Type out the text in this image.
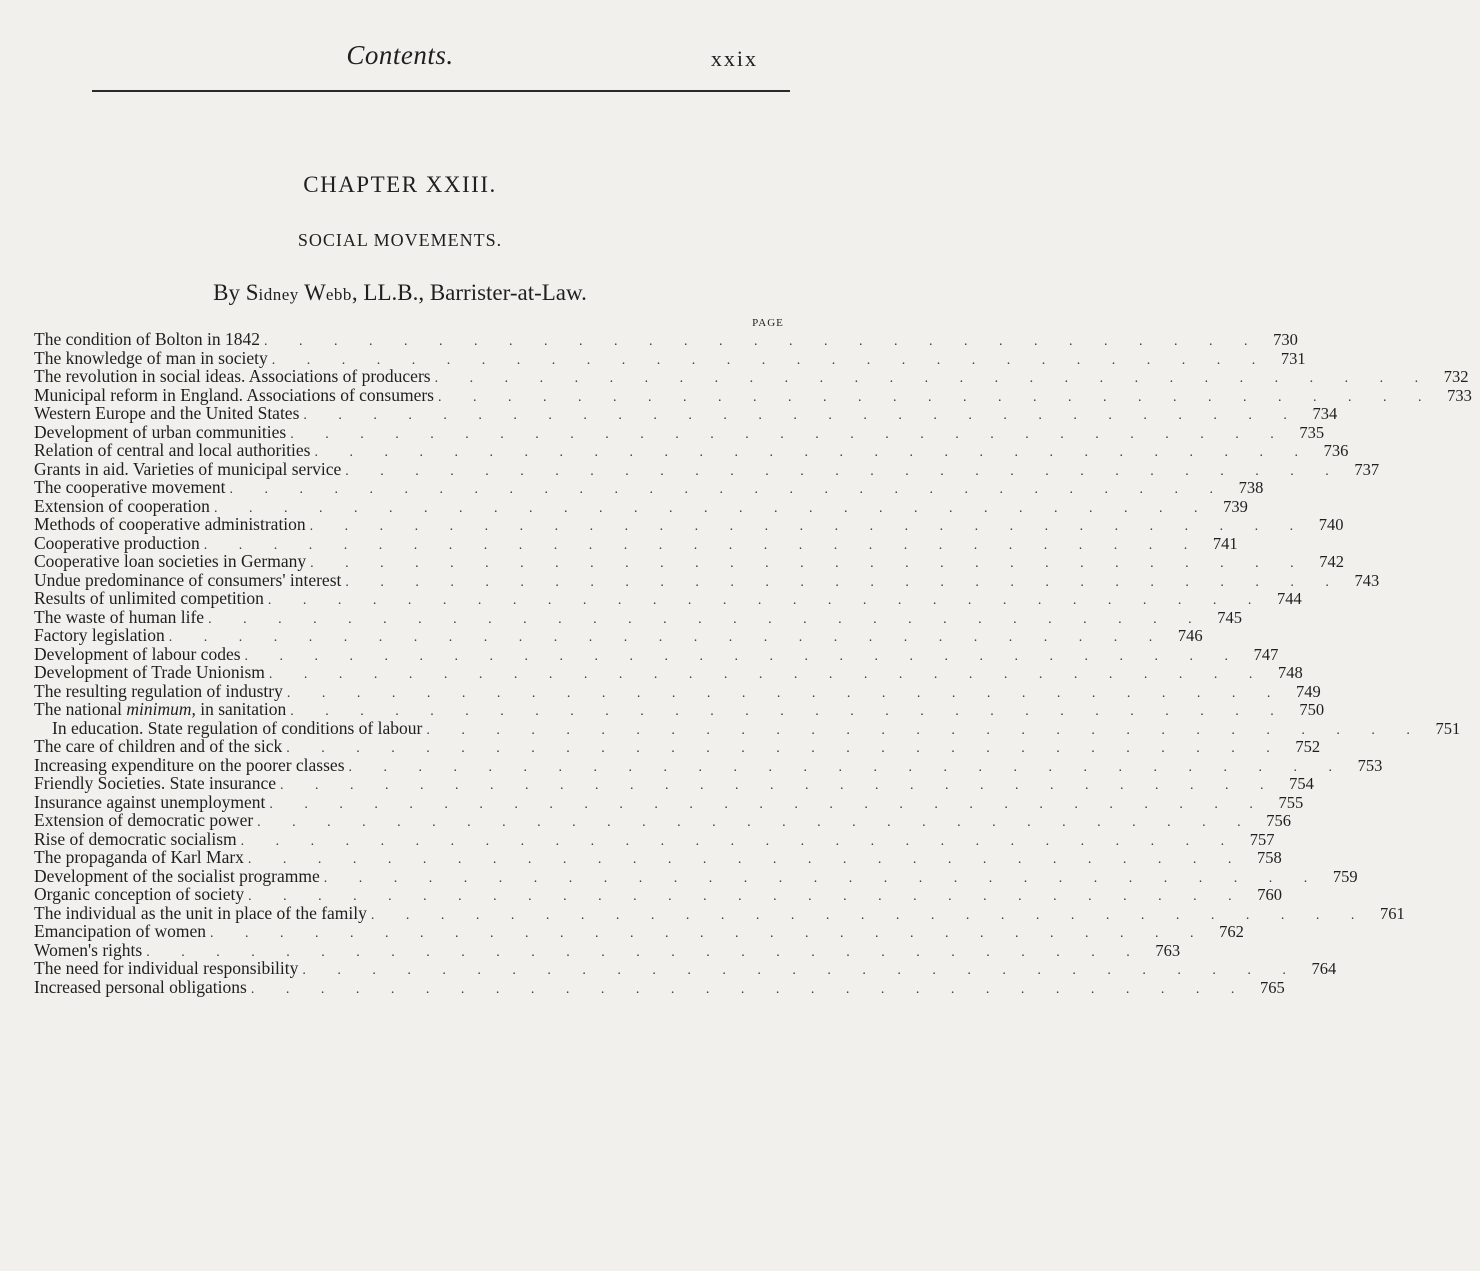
Contents.	xxix
CHAPTER XXIII.
SOCIAL MOVEMENTS.
By Sidney Webb, LL.B., Barrister-at-Law.
PAGE
The condition of Bolton in 1842 . . . . . . . . . . . . . . . . . . . . . . . . . . . . . 730
The knowledge of man in society . . . . . . . . . . . . . . . . . . . . . . . . . . . . . 731
The revolution in social ideas. Associations of producers . . . . . . . . . . . . . . . . . . . . . . . . . . . . . 732
Municipal reform in England. Associations of consumers . . . . . . . . . . . . . . . . . . . . . . . . . . . . . 733
Western Europe and the United States . . . . . . . . . . . . . . . . . . . . . . . . . . . . . 734
Development of urban communities . . . . . . . . . . . . . . . . . . . . . . . . . . . . . 735
Relation of central and local authorities . . . . . . . . . . . . . . . . . . . . . . . . . . . . . 736
Grants in aid. Varieties of municipal service . . . . . . . . . . . . . . . . . . . . . . . . . . . . . 737
The cooperative movement . . . . . . . . . . . . . . . . . . . . . . . . . . . . . 738
Extension of cooperation . . . . . . . . . . . . . . . . . . . . . . . . . . . . . 739
Methods of cooperative administration . . . . . . . . . . . . . . . . . . . . . . . . . . . . . 740
Cooperative production . . . . . . . . . . . . . . . . . . . . . . . . . . . . . 741
Cooperative loan societies in Germany . . . . . . . . . . . . . . . . . . . . . . . . . . . . . 742
Undue predominance of consumers' interest . . . . . . . . . . . . . . . . . . . . . . . . . . . . . 743
Results of unlimited competition . . . . . . . . . . . . . . . . . . . . . . . . . . . . . 744
The waste of human life . . . . . . . . . . . . . . . . . . . . . . . . . . . . . 745
Factory legislation . . . . . . . . . . . . . . . . . . . . . . . . . . . . . 746
Development of labour codes . . . . . . . . . . . . . . . . . . . . . . . . . . . . . 747
Development of Trade Unionism . . . . . . . . . . . . . . . . . . . . . . . . . . . . . 748
The resulting regulation of industry . . . . . . . . . . . . . . . . . . . . . . . . . . . . . 749
The national minimum, in sanitation . . . . . . . . . . . . . . . . . . . . . . . . . . . . . 750
In education. State regulation of conditions of labour . . . . . . . . . . . . . . . . . . . . . . . . . . . . . 751
The care of children and of the sick . . . . . . . . . . . . . . . . . . . . . . . . . . . . . 752
Increasing expenditure on the poorer classes . . . . . . . . . . . . . . . . . . . . . . . . . . . . . 753
Friendly Societies. State insurance . . . . . . . . . . . . . . . . . . . . . . . . . . . . . 754
Insurance against unemployment . . . . . . . . . . . . . . . . . . . . . . . . . . . . . 755
Extension of democratic power . . . . . . . . . . . . . . . . . . . . . . . . . . . . . 756
Rise of democratic socialism . . . . . . . . . . . . . . . . . . . . . . . . . . . . . 757
The propaganda of Karl Marx . . . . . . . . . . . . . . . . . . . . . . . . . . . . . 758
Development of the socialist programme . . . . . . . . . . . . . . . . . . . . . . . . . . . . . 759
Organic conception of society . . . . . . . . . . . . . . . . . . . . . . . . . . . . . 760
The individual as the unit in place of the family . . . . . . . . . . . . . . . . . . . . . . . . . . . . . 761
Emancipation of women . . . . . . . . . . . . . . . . . . . . . . . . . . . . . 762
Women's rights . . . . . . . . . . . . . . . . . . . . . . . . . . . . . 763
The need for individual responsibility . . . . . . . . . . . . . . . . . . . . . . . . . . . . . 764
Increased personal obligations . . . . . . . . . . . . . . . . . . . . . . . . . . . . . 765
